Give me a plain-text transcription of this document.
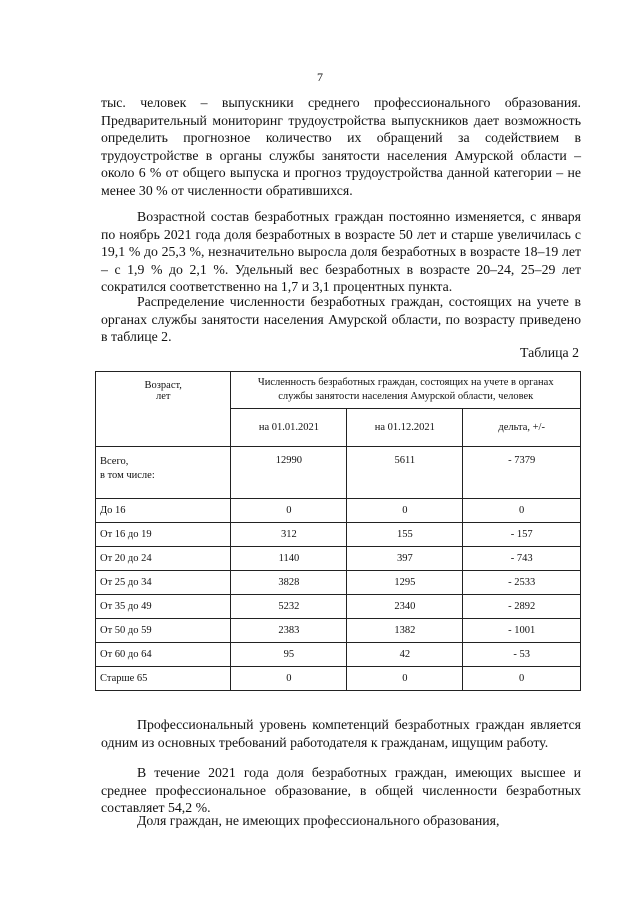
7

тыс. человек – выпускники среднего профессионального образования. Предварительный мониторинг трудоустройства выпускников дает возможность определить прогнозное количество их обращений за содействием в трудоустройстве в органы службы занятости населения Амурской области – около 6 % от общего выпуска и прогноз трудоустройства данной категории – не менее 30 % от численности обратившихся.

Возрастной состав безработных граждан постоянно изменяется, с января по ноябрь 2021 года доля безработных в возрасте 50 лет и старше увеличилась с 19,1 % до 25,3 %, незначительно выросла доля безработных в возрасте 18–19 лет – с 1,9 % до 2,1 %. Удельный вес безработных в возрасте 20–24, 25–29 лет сократился соответственно на 1,7 и 3,1 процентных пункта.

Распределение численности безработных граждан, состоящих на учете в органах службы занятости населения Амурской области, по возрасту приведено в таблице 2.

Таблица 2
Возраст,
лет	Численность безработных граждан, состоящих на учете в органах службы занятости населения Амурской области, человек		
	на 01.01.2021	на 01.12.2021	дельта, +/-

Всего,
в том числе:	12990	5611	- 7379
До 16	0	0	0
От 16 до 19	312	155	- 157
От 20 до 24	1140	397	- 743
От 25 до 34	3828	1295	- 2533
От 35 до 49	5232	2340	- 2892
От 50 до 59	2383	1382	- 1001
От 60 до 64	95	42	- 53
Старше 65	0	0	0

Профессиональный уровень компетенций безработных граждан является одним из основных требований работодателя к гражданам, ищущим работу.

В течение 2021 года доля безработных граждан, имеющих высшее и среднее профессиональное образование, в общей численности безработных составляет 54,2 %.

Доля граждан, не имеющих профессионального образования,
